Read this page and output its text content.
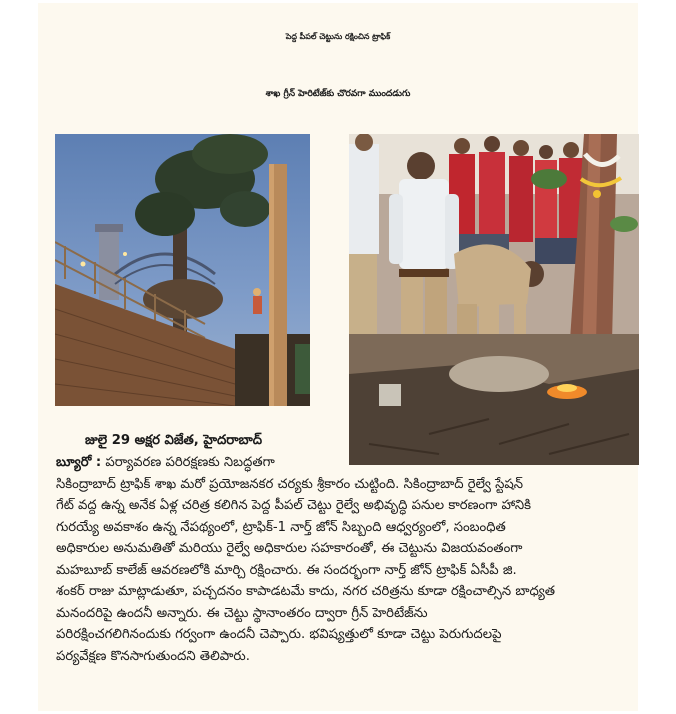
పెద్ద పీపల్ చెట్టును రక్షించిన ట్రాఫిక్
శాఖ గ్రీన్ హెరిటేజ్‌కు చొరవగా ముందడుగు
జులై 29 అక్షర విజేత, హైదరాబాద్
బ్యూరో : పర్యావరణ పరిరక్షణకు నిబద్ధతగా
సికింద్రాబాద్ ట్రాఫిక్ శాఖ మరో ప్రయోజనకర చర్యకు శ్రీకారం చుట్టింది. సికింద్రాబాద్ రైల్వే స్టేషన్
గేట్ వద్ద ఉన్న అనేక ఏళ్ల చరిత్ర కలిగిన పెద్ద పీపల్ చెట్టు రైల్వే అభివృద్ధి పనుల కారణంగా హానికి
గురయ్యే అవకాశం ఉన్న నేపథ్యంలో, ట్రాఫిక్-1 నార్త్ జోన్ సిబ్బంది ఆధ్వర్యంలో, సంబంధిత
అధికారుల అనుమతితో మరియు రైల్వే అధికారుల సహకారంతో, ఈ చెట్టును విజయవంతంగా
మహబూబ్ కాలేజ్ ఆవరణలోకి మార్చి రక్షించారు. ఈ సందర్భంగా నార్త్ జోన్ ట్రాఫిక్ ఏసీపీ జి.
శంకర్ రాజు మాట్లాడుతూ, పచ్చదనం కాపాడటమే కాదు, నగర చరిత్రను కూడా రక్షించాల్సిన బాధ్యత
మనందరిపై ఉందనీ అన్నారు. ఈ చెట్టు స్థానాంతరం ద్వారా గ్రీన్ హెరిటేజ్‌ను
పరిరక్షించగలిగినందుకు గర్వంగా ఉందనీ చెప్పారు. భవిష్యత్తులో కూడా చెట్టు పెరుగుదలపై
పర్యవేక్షణ కొనసాగుతుందని తెలిపారు.
